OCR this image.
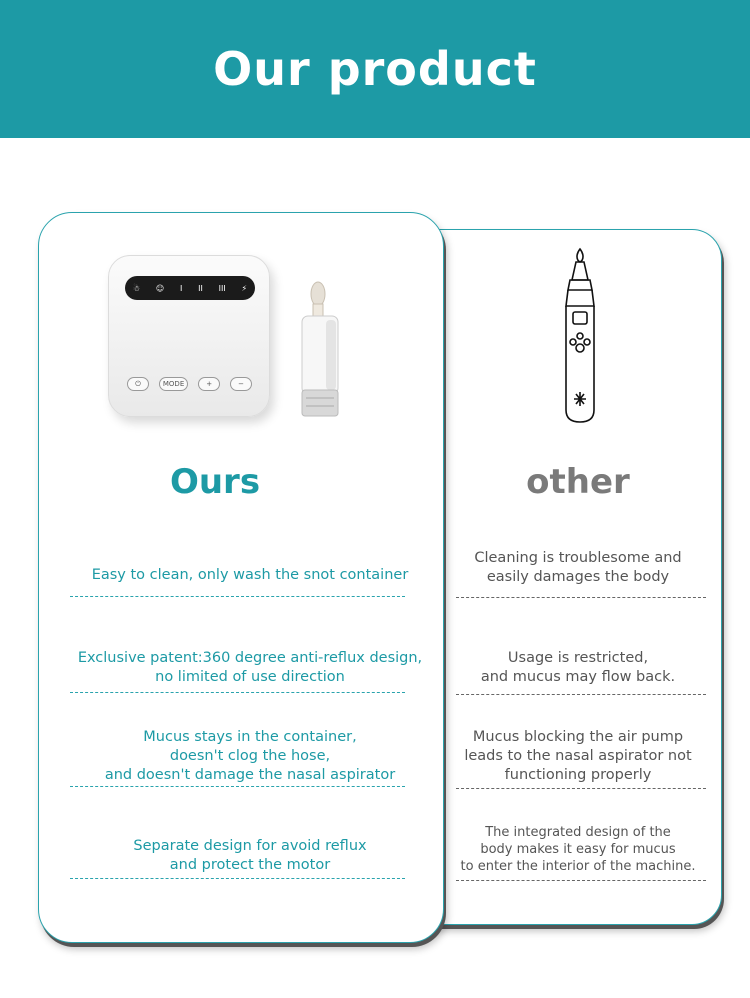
Our product
☃ ☺ I II III ⚡
⏻	MODE	+	−
Ours	other
Easy to clean, only wash the snot container
Exclusive patent:360 degree anti-reflux design,
no limited of use direction
Mucus stays in the container,
doesn't clog the hose,
and doesn't damage the nasal aspirator
Separate design for avoid reflux
and protect the motor
Cleaning is troublesome and
easily damages the body
Usage is restricted,
and mucus may flow back.
Mucus blocking the air pump
leads to the nasal aspirator not
functioning properly
The integrated design of the
body makes it easy for mucus
to enter the interior of the machine.
